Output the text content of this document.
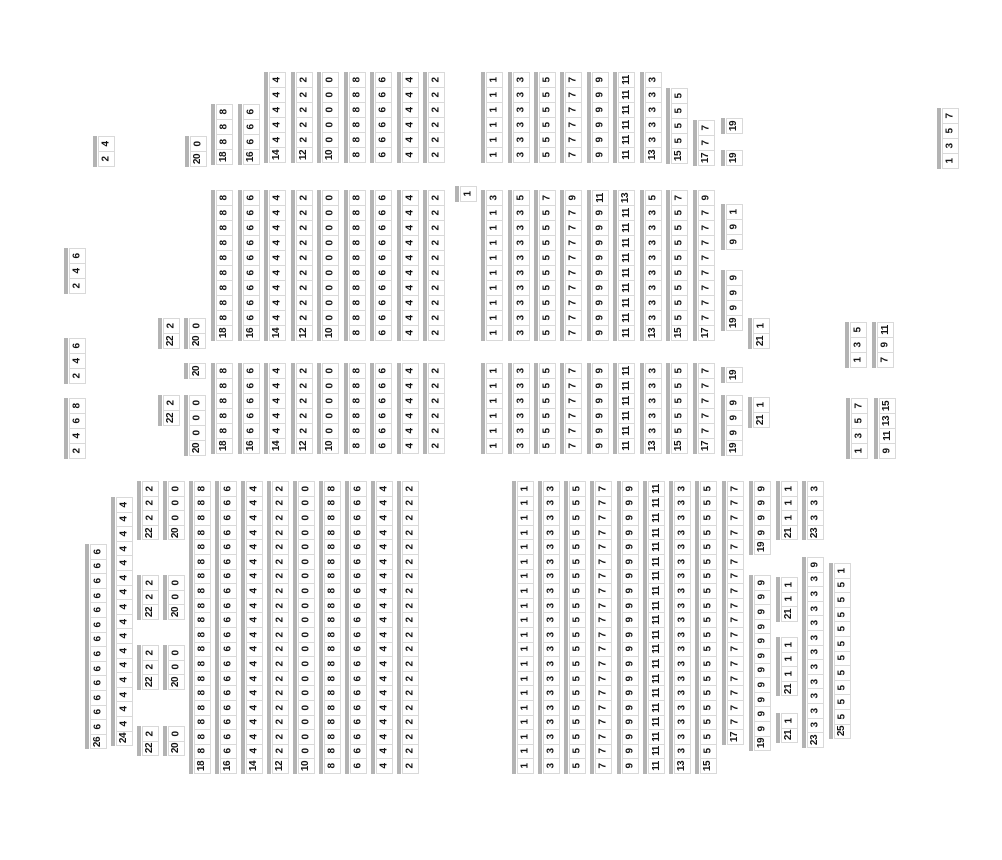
4
2
0
20
8
8
8
18
6
6
6
16
4
4
4
4
4
14
2
2
2
2
2
12
0
0
0
0
0
10
8
8
8
8
8
8
6
6
6
6
6
6
4
4
4
4
4
4
2
2
2
2
2
2
1
1
1
1
1
1
3
3
3
3
3
3
5
5
5
5
5
5
7
7
7
7
7
7
9
9
9
9
9
9
11
11
11
11
11
11
3
3
3
3
3
13
5
5
5
5
15
7
7
17
19
19
7
5
3
1
1
2
22
0
20
8
8
8
8
8
8
8
8
8
18
6
6
6
6
6
6
6
6
6
16
4
4
4
4
4
4
4
4
4
14
2
2
2
2
2
2
2
2
2
12
0
0
0
0
0
0
0
0
0
10
8
8
8
8
8
8
8
8
8
8
6
6
6
6
6
6
6
6
6
6
4
4
4
4
4
4
4
4
4
4
2
2
2
2
2
2
2
2
2
2
3
1
1
1
1
1
1
1
1
1
5
3
3
3
3
3
3
3
3
3
7
5
5
5
5
5
5
5
5
5
9
7
7
7
7
7
7
7
7
7
11
9
9
9
9
9
9
9
9
9
13
11
11
11
11
11
11
11
11
11
5
3
3
3
3
3
3
3
3
13
7
5
5
5
5
5
5
5
5
15
9
7
7
7
7
7
7
7
7
17
1
9
9
9
9
9
19 1
21
6
4
2
6
4
2
8
6
4
2
2
22
20
0
0
0
20
8
8
8
8
8
18
6
6
6
6
6
16
4
4
4
4
4
14
2
2
2
2
2
12
0
0
0
0
0
10
8
8
8
8
8
8
6
6
6
6
6
6
4
4
4
4
4
4
2
2
2
2
2
2
1
1
1
1
1
1
3
3
3
3
3
3
5
5
5
5
5
5
7
7
7
7
7
7
9
9
9
9
9
9
11
11
11
11
11
11
3
3
3
3
3
13
5
5
5
5
5
15
7
7
7
7
7
17
19
9
9
9
19
1
21
5
3
1
11
9
7
7
5
3
1
15
13
11
9
6
6
6
6
6
6
6
6
6
6
6
6
6
26
4
4
4
4
4
4
4
4
4
4
4
4
4
4
4
4
24
2
2
2
22
2
2
22
2
2
22
2
22
0
0
0
20
0
0
20
0
0
20
0
20
8
8
8
8
8
8
8
8
8
8
8
8
8
8
8
8
8
8
8
18
6
6
6
6
6
6
6
6
6
6
6
6
6
6
6
6
6
6
6
16
4
4
4
4
4
4
4
4
4
4
4
4
4
4
4
4
4
4
4
14
2
2
2
2
2
2
2
2
2
2
2
2
2
2
2
2
2
2
2
12
0
0
0
0
0
0
0
0
0
0
0
0
0
0
0
0
0
0
0
10
8
8
8
8
8
8
8
8
8
8
8
8
8
8
8
8
8
8
8
8
6
6
6
6
6
6
6
6
6
6
6
6
6
6
6
6
6
6
6
6
4
4
4
4
4
4
4
4
4
4
4
4
4
4
4
4
4
4
4
4
2
2
2
2
2
2
2
2
2
2
2
2
2
2
2
2
2
2
2
2
1
1
1
1
1
1
1
1
1
1
1
1
1
1
1
1
1
1
1
1
3
3
3
3
3
3
3
3
3
3
3
3
3
3
3
3
3
3
3
3
5
5
5
5
5
5
5
5
5
5
5
5
5
5
5
5
5
5
5
5
7
7
7
7
7
7
7
7
7
7
7
7
7
7
7
7
7
7
7
7
9
9
9
9
9
9
9
9
9
9
9
9
9
9
9
9
9
9
9
9
11
11
11
11
11
11
11
11
11
11
11
11
11
11
11
11
11
11
11
11
3
3
3
3
3
3
3
3
3
3
3
3
3
3
3
3
3
3
3
13
5
5
5
5
5
5
5
5
5
5
5
5
5
5
5
5
5
5
5
15
7
7
7
7
7
7
7
7
7
7
7
7
7
7
7
7
7
17
9
9
9
9
19
9
9
9
9
9
9
9
9
9
9
9
19
1
1
1
21
1
1
21
1
1
1
21
1
21
3
3
3
23
9
3
3
3
3
3
3
3
3
3
3
3
23
1
5
5
5
5
5
5
5
5
5
5
25
